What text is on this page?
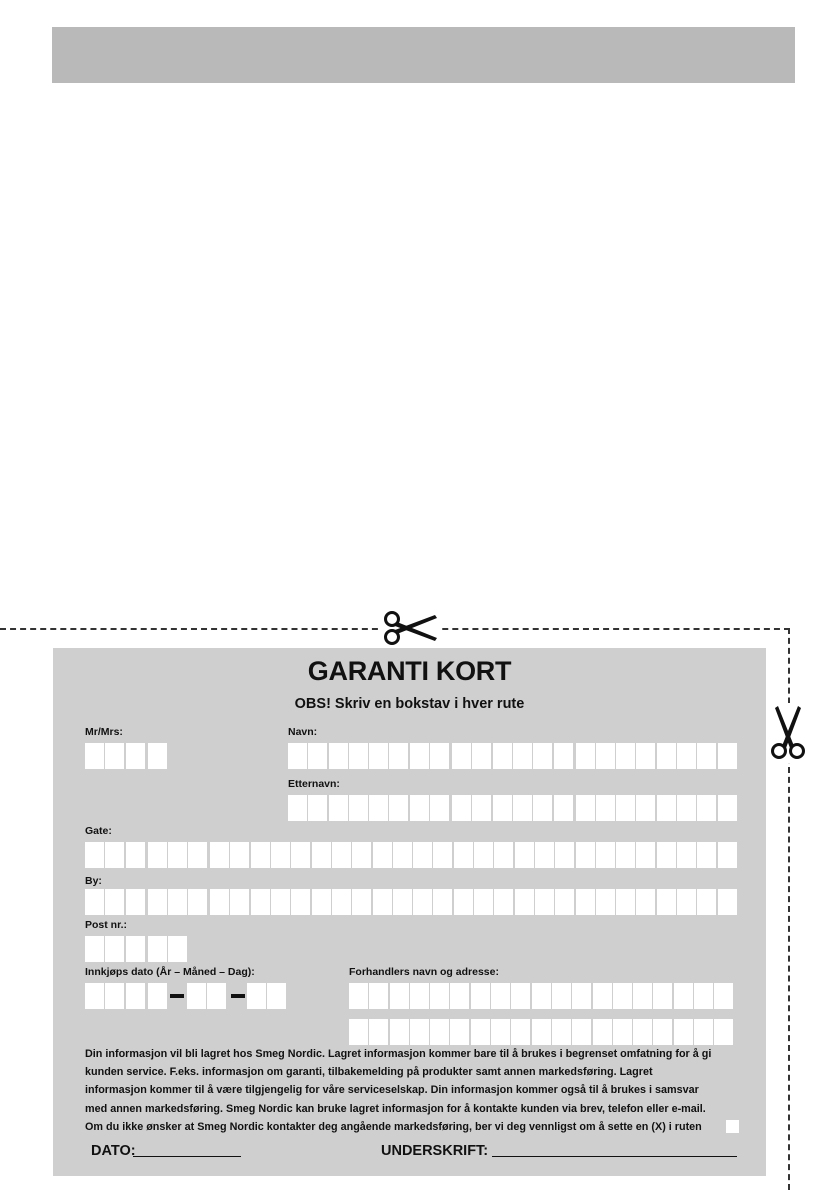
GARANTI KORT
OBS! Skriv en bokstav i hver rute
Mr/Mrs:	Navn:
Etternavn:
Gate:
By:
Post nr.:
Innkjøps dato (År – Måned – Dag):	Forhandlers navn og adresse:
Din informasjon vil bli lagret hos Smeg Nordic. Lagret informasjon kommer bare til å brukes i begrenset omfatning for å gi
kunden service. F.eks. informasjon om garanti, tilbakemelding på produkter samt annen markedsføring. Lagret
informasjon kommer til å være tilgjengelig for våre serviceselskap. Din informasjon kommer også til å brukes i samsvar
med annen markedsføring. Smeg Nordic kan bruke lagret informasjon for å kontakte kunden via brev, telefon eller e-mail.
Om du ikke ønsker at Smeg Nordic kontakter deg angående markedsføring, ber vi deg vennligst om å sette en (X) i ruten
DATO:	UNDERSKRIFT:
